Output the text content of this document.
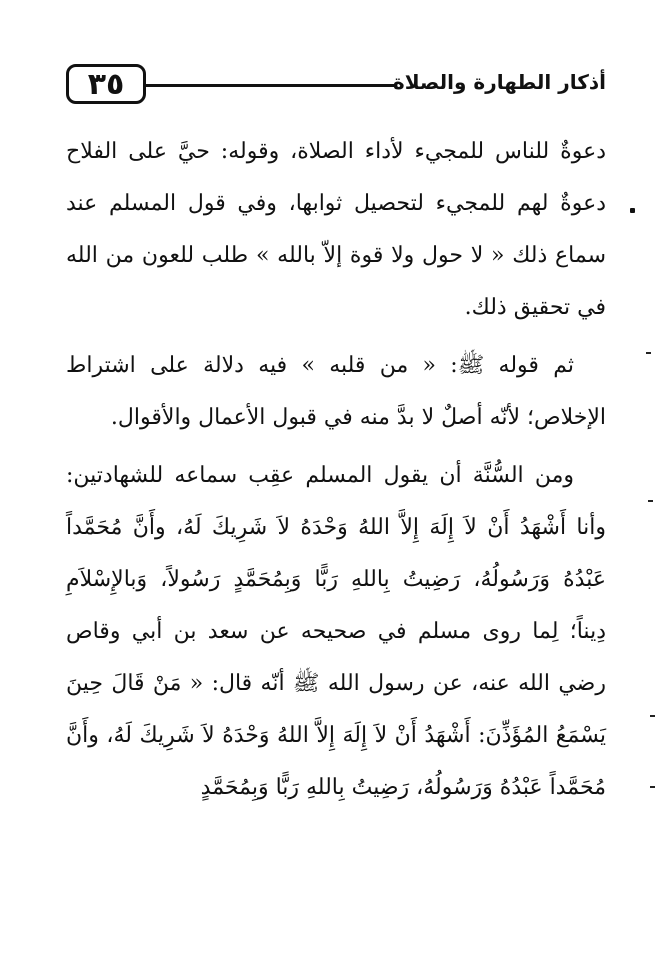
٣٥	أذكار الطهارة والصلاة

دعوةٌ للناس للمجيء لأداء الصلاة، وقوله: حيَّ على الفلاح دعوةٌ لهم للمجيء لتحصيل ثوابها، وفي قول المسلم عند سماع ذلك « لا حول ولا قوة إلاّ بالله » طلب للعون من الله في تحقيق ذلك.

ثم قوله ﷺ: « من قلبه » فيه دلالة على اشتراط الإخلاص؛ لأنّه أصلٌ لا بدَّ منه في قبول الأعمال والأقوال.

ومن السُّنَّة أن يقول المسلم عقِب سماعه للشهادتين: وأنا أَشْهَدُ أَنْ لاَ إِلَهَ إِلاَّ اللهُ وَحْدَهُ لاَ شَرِيكَ لَهُ، وأَنَّ مُحَمَّداً عَبْدُهُ وَرَسُولُهُ، رَضِيتُ بِاللهِ رَبًّا وَبِمُحَمَّدٍ رَسُولاً، وَبالإِسْلاَمِ دِيناً؛ لِما روى مسلم في صحيحه عن سعد بن أبي وقاص رضي الله عنه، عن رسول الله ﷺ أنّه قال: « مَنْ قَالَ حِينَ يَسْمَعُ المُؤَذِّنَ: أَشْهَدُ أَنْ لاَ إِلَهَ إِلاَّ اللهُ وَحْدَهُ لاَ شَرِيكَ لَهُ، وأَنَّ مُحَمَّداً عَبْدُهُ وَرَسُولُهُ، رَضِيتُ بِاللهِ رَبًّا وَبِمُحَمَّدٍ
